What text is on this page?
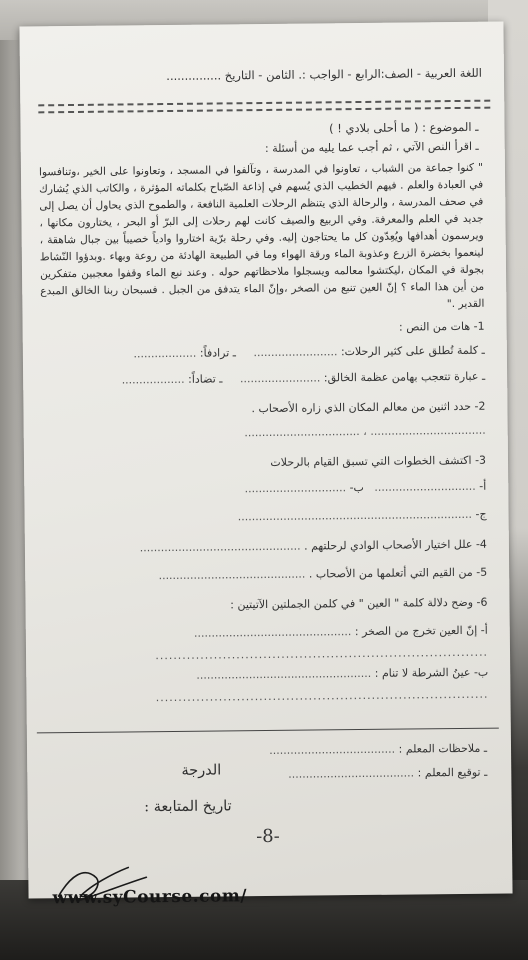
اللغة العربية - الصف:الرابع - الواجب :. الثامن - التاريخ ...............
ـ الموضوع : ( ما أحلى بلادي ! )
ـ اقرأ النص الآتي ، ثم أجب عما يليه من أسئلة :
" كنوا جماعة من الشباب ، تعاونوا في المدرسة ، وتآلفوا في المسجد ، وتعاونوا على الخير ،وتنافسوا في العبادة والعلم . فيهم الخطيب الذي يُسهم في إذاعة الصّباح بكلماته المؤثرة ، والكاتب الذي يُشارك في صحف المدرسة ، والرحالة الذي يتنظم الرحلات العلمية النافعة ، والطموح الذي يحاول أن يصل إلى جديد في العلم والمعرفة. وفي الربيع والصيف كانت لهم رحلات إلى البرّ أو البحر ، يختارون مكانها ، ويرسمون أهدافها ويُعِدّون كل ما يحتاجون إليه. وفي رحلة برّية اختاروا وادياً خصيباً بين جبال شاهقة ، لينعموا بخضرة الزرع وعذوبة الماء ورقة الهواء وما في الطبيعة الهادئة من روعة وبهاء .وبدؤوا النّشاط بجولة في المكان ،ليكتشوا معالمه ويسجلوا ملاحظاتهم حوله . وعند نبع الماء وقفوا معجبين متفكرين من أين هذا الماء ؟ إنّ العين تنبع من الصخر ،وإنّ الماء يتدفق من الجبل . فسبحان ربنا الخالق المبدع القدير ."
1- هات من النص :
ـ كلمة تُطلق على كثير الرحلات: ........................     ـ ترادفاً: ..................
ـ عبارة تتعجب بهامن عظمة الخالق: .......................     ـ تضاداً: ..................
2- حدد اثنين من معالم المكان الذي زاره الأصحاب .
................................. ، .................................
3- اكتشف الخطوات التي تسبق القيام بالرحلات
أ- .............................   ب- .............................
ج- ...................................................................
4- علل اختيار الأصحاب الوادي لرحلتهم . ..............................................
5- من القيم التي أتعلمها من الأصحاب . ..........................................
6- وضح دلالة كلمة " العين " في كلمن الجملتين الآتيتين :
أ- إنّ العين تخرج من الصخر : .............................................
..........................................................................
ب- عينُ الشرطة لا تنام : ..................................................
..........................................................................
ـ ملاحظات المعلم : ....................................
ـ توقيع المعلم : ....................................
الدرجة
تاريخ المتابعة :
-8-
www.syCourse.com/
